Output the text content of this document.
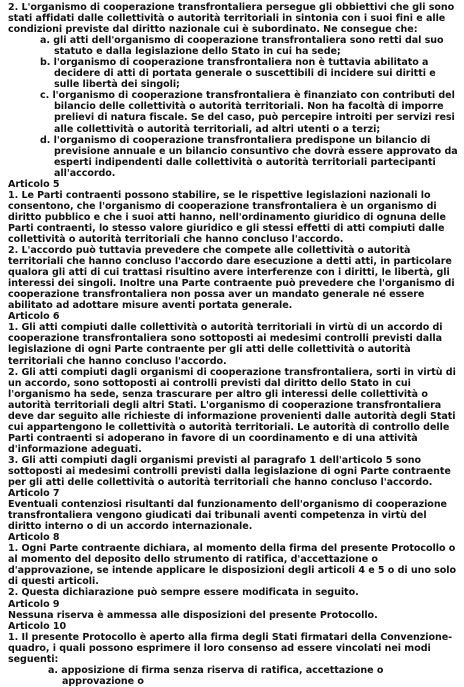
2. L'organismo di cooperazione transfrontaliera persegue gli obbiettivi che gli sono stati affidati dalle collettività o autorità territoriali in sintonia con i suoi fini e alle condizioni previste dal diritto nazionale cui è subordinato. Ne consegue che:

a. gli atti dell'organismo di cooperazione transfrontaliera sono retti dal suo statuto e dalla legislazione dello Stato in cui ha sede;

b. l'organismo di cooperazione transfrontaliera non è tuttavia abilitato a decidere di atti di portata generale o suscettibili di incidere sui diritti e sulle libertà dei singoli;

c. l'organismo di cooperazione transfrontaliera è finanziato con contributi del bilancio delle collettività o autorità territoriali. Non ha facoltà di imporre prelievi di natura fiscale. Se del caso, può percepire introiti per servizi resi alle collettività o autorità territoriali, ad altri utenti o a terzi;

d. l'organismo di cooperazione transfrontaliera predispone un bilancio di previsione annuale e un bilancio consuntivo che dovrà essere approvato da esperti indipendenti dalle collettività o autorità territoriali partecipanti all'accordo.

Articolo 5

1. Le Parti contraenti possono stabilire, se le rispettive legislazioni nazionali lo consentono, che l'organismo di cooperazione transfrontaliera è un organismo di diritto pubblico e che i suoi atti hanno, nell'ordinamento giuridico di ognuna delle Parti contraenti, lo stesso valore giuridico e gli stessi effetti di atti compiuti dalle collettività o autorità territoriali che hanno concluso l'accordo.

2. L'accordo può tuttavia prevedere che compete alle collettività o autorità territoriali che hanno concluso l'accordo dare esecuzione a detti atti, in particolare qualora gli atti di cui trattasi risultino avere interferenze con i diritti, le libertà, gli interessi dei singoli. Inoltre una Parte contraente può prevedere che l'organismo di cooperazione transfrontaliera non possa aver un mandato generale né essere abilitato ad adottare misure aventi portata generale.

Articolo 6

1. Gli atti compiuti dalle collettività o autorità territoriali in virtù di un accordo di cooperazione transfrontaliera sono sottoposti ai medesimi controlli previsti dalla legislazione di ogni Parte contraente per gli atti delle collettività o autorità territoriali che hanno concluso l'accordo.

2. Gli atti compiuti dagli organismi di cooperazione transfrontaliera, sorti in virtù di un accordo, sono sottoposti ai controlli previsti dal diritto dello Stato in cui l'organismo ha sede, senza trascurare per altro gli interessi delle collettività o autorità territoriali degli altri Stati. L'organismo di cooperazione transfrontaliera deve dar seguito alle richieste di informazione provenienti dalle autorità degli Stati cui appartengono le collettività o autorità territoriali. Le autorità di controllo delle Parti contraenti si adoperano in favore di un coordinamento e di una attività d'informazione adeguati.

3. Gli atti compiuti dagli organismi previsti al paragrafo 1 dell'articolo 5 sono sottoposti ai medesimi controlli previsti dalla legislazione di ogni Parte contraente per gli atti delle collettività o autorità territoriali che hanno concluso l'accordo.

Articolo 7

Eventuali contenziosi risultanti dal funzionamento dell'organismo di cooperazione transfrontaliera vengono giudicati dai tribunali aventi competenza in virtù del diritto interno o di un accordo internazionale.

Articolo 8

1. Ogni Parte contraente dichiara, al momento della firma del presente Protocollo o al momento del deposito dello strumento di ratifica, d'accettazione o d'approvazione, se intende applicare le disposizioni degli articoli 4 e 5 o di uno solo di questi articoli.

2. Questa dichiarazione può sempre essere modificata in seguito.

Articolo 9

Nessuna riserva è ammessa alle disposizioni del presente Protocollo.

Articolo 10

1. Il presente Protocollo è aperto alla firma degli Stati firmatari della Convenzione-quadro, i quali possono esprimere il loro consenso ad essere vincolati nei modi seguenti:

a. apposizione di firma senza riserva di ratifica, accettazione o approvazione o
